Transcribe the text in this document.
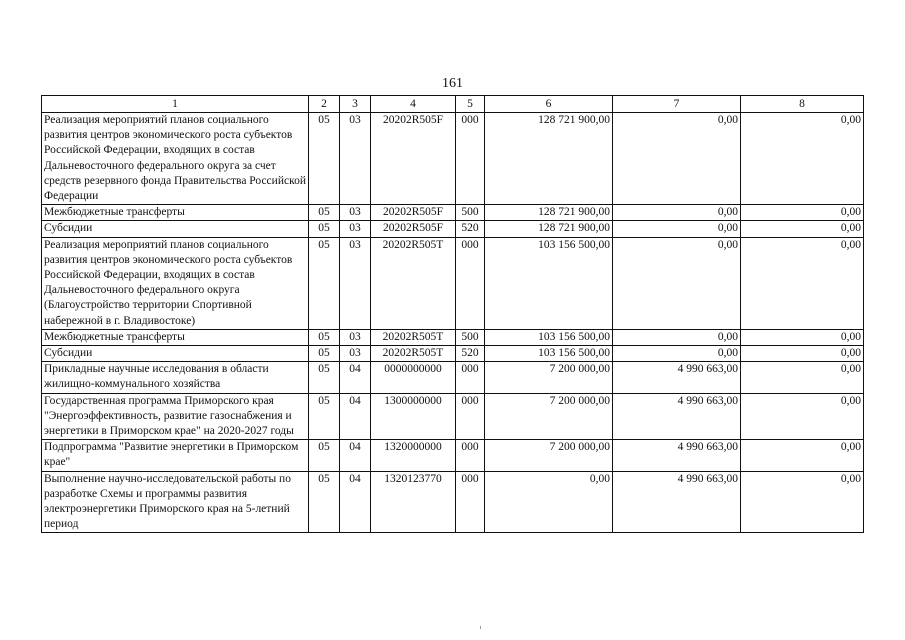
161
1	2	3	4	5	6	7	8
Реализация мероприятий планов социального развития центров экономического роста субъектов Российской Федерации, входящих в состав Дальневосточного федерального округа за счет средств резервного фонда Правительства Российской Федерации	05	03	20202R505F	000	128 721 900,00	0,00	0,00
Межбюджетные трансферты	05	03	20202R505F	500	128 721 900,00	0,00	0,00
Субсидии	05	03	20202R505F	520	128 721 900,00	0,00	0,00
Реализация мероприятий планов социального развития центров экономического роста субъектов Российской Федерации, входящих в состав Дальневосточного федерального округа (Благоустройство территории Спортивной набережной в г. Владивостоке)	05	03	20202R505T	000	103 156 500,00	0,00	0,00
Межбюджетные трансферты	05	03	20202R505T	500	103 156 500,00	0,00	0,00
Субсидии	05	03	20202R505T	520	103 156 500,00	0,00	0,00
Прикладные научные исследования в области жилищно-коммунального хозяйства	05	04	0000000000	000	7 200 000,00	4 990 663,00	0,00
Государственная программа Приморского края "Энергоэффективность, развитие газоснабжения и энергетики в Приморском крае" на 2020-2027 годы	05	04	1300000000	000	7 200 000,00	4 990 663,00	0,00
Подпрограмма "Развитие энергетики в Приморском крае"	05	04	1320000000	000	7 200 000,00	4 990 663,00	0,00
Выполнение научно-исследовательской работы по разработке Схемы и программы развития электроэнергетики Приморского края на 5-летний период	05	04	1320123770	000	0,00	4 990 663,00	0,00
